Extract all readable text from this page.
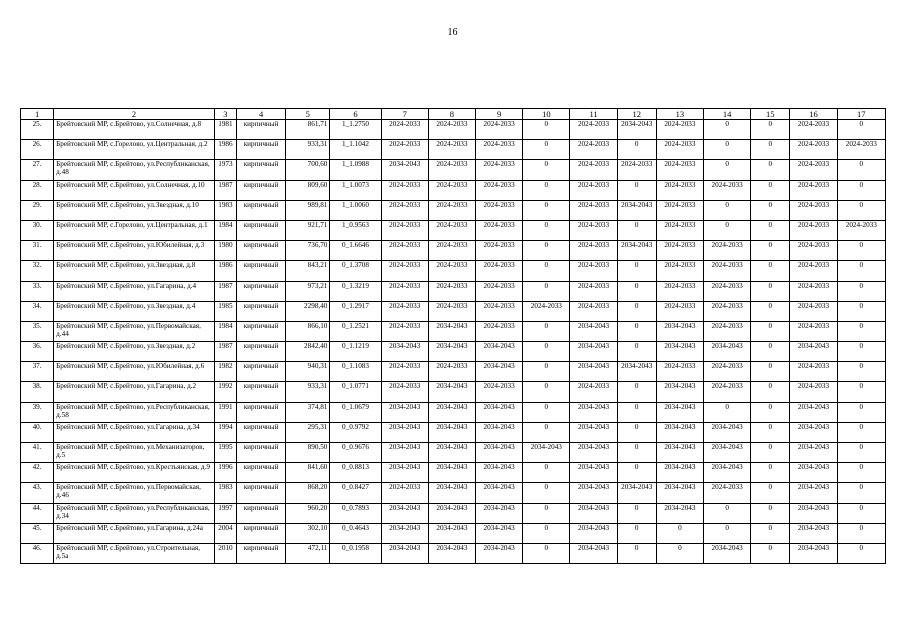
16
1	2	3	4	5	6	7	8	9	10	11	12	13	14	15	16	17
25.	Брейтовский МР, с.Брейтово, ул.Солнечная, д.8	1981	кирпичный	861,71	1_1.2750	2024-2033	2024-2033	2024-2033	0	2024-2033	2034-2043	2024-2033	0	0	2024-2033	0
26.	Брейтовский МР, с.Горелово, ул.Центральная, д.2	1986	кирпичный	933,31	1_1.1042	2024-2033	2024-2033	2024-2033	0	2024-2033	0	2024-2033	0	0	2024-2033	2024-2033
27.	Брейтовский МР, с.Брейтово, ул.Республиканская, д.48	1973	кирпичный	700,60	1_1.0988	2034-2043	2024-2033	2024-2033	0	2024-2033	2024-2033	2024-2033	0	0	2024-2033	0
28.	Брейтовский МР, с.Брейтово, ул.Солнечная, д.10	1987	кирпичный	809,60	1_1.0073	2024-2033	2024-2033	2024-2033	0	2024-2033	0	2024-2033	2024-2033	0	2024-2033	0
29.	Брейтовский МР, с.Брейтово, ул.Звездная, д.10	1983	кирпичный	989,81	1_1.0060	2024-2033	2024-2033	2024-2033	0	2024-2033	2034-2043	2024-2033	0	0	2024-2033	0
30.	Брейтовский МР, с.Горелово, ул.Центральная, д.1	1984	кирпичный	921,71	1_0.9563	2024-2033	2024-2033	2024-2033	0	2024-2033	0	2024-2033	0	0	2024-2033	2024-2033
31.	Брейтовский МР, с.Брейтово, ул.Юбилейная, д.3	1980	кирпичный	736,70	0_1.6646	2024-2033	2024-2033	2024-2033	0	2024-2033	2034-2043	2024-2033	2024-2033	0	2024-2033	0
32.	Брейтовский МР, с.Брейтово, ул.Звездная, д.8	1986	кирпичный	843,21	0_1.3708	2024-2033	2024-2033	2024-2033	0	2024-2033	0	2024-2033	2024-2033	0	2024-2033	0
33.	Брейтовский МР, с.Брейтово, ул.Гагарина, д.4	1987	кирпичный	973,21	0_1.3219	2024-2033	2024-2033	2024-2033	0	2024-2033	0	2024-2033	2024-2033	0	2024-2033	0
34.	Брейтовский МР, с.Брейтово, ул.Звездная, д.4	1985	кирпичный	2298,40	0_1.2917	2024-2033	2024-2033	2024-2033	2024-2033	2024-2033	0	2024-2033	2024-2033	0	2024-2033	0
35.	Брейтовский МР, с.Брейтово, ул.Первомайская, д.44	1984	кирпичный	866,10	0_1.2521	2024-2033	2034-2043	2024-2033	0	2034-2043	0	2034-2043	2024-2033	0	2024-2033	0
36.	Брейтовский МР, с.Брейтово, ул.Звездная, д.2	1987	кирпичный	2842,40	0_1.1219	2034-2043	2034-2043	2034-2043	0	2034-2043	0	2034-2043	2034-2043	0	2034-2043	0
37.	Брейтовский МР, с.Брейтово, ул.Юбилейная, д.6	1982	кирпичный	940,31	0_1.1083	2024-2033	2024-2033	2034-2043	0	2034-2043	2034-2043	2024-2033	2024-2033	0	2024-2033	0
38.	Брейтовский МР, с.Брейтово, ул.Гагарина, д.2	1992	кирпичный	933,31	0_1.0771	2024-2033	2034-2043	2024-2033	0	2024-2033	0	2034-2043	2024-2033	0	2024-2033	0
39.	Брейтовский МР, с.Брейтово, ул.Республиканская, д.58	1991	кирпичный	374,81	0_1.0679	2034-2043	2034-2043	2034-2043	0	2034-2043	0	2034-2043	0	0	2034-2043	0
40.	Брейтовский МР, с.Брейтово, ул.Гагарина, д.34	1994	кирпичный	295,31	0_0.9792	2034-2043	2034-2043	2034-2043	0	2034-2043	0	2034-2043	2034-2043	0	2034-2043	0
41.	Брейтовский МР, с.Брейтово, ул.Механизаторов, д.5	1995	кирпичный	890,50	0_0.9676	2034-2043	2034-2043	2034-2043	2034-2043	2034-2043	0	2034-2043	2034-2043	0	2034-2043	0
42.	Брейтовский МР, с.Брейтово, ул.Крестьянская, д.9	1996	кирпичный	841,60	0_0.8813	2034-2043	2034-2043	2034-2043	0	2034-2043	0	2034-2043	2034-2043	0	2034-2043	0
43.	Брейтовский МР, с.Брейтово, ул.Первомайская, д.46	1983	кирпичный	868,20	0_0.8427	2024-2033	2034-2043	2034-2043	0	2034-2043	2034-2043	2034-2043	2024-2033	0	2034-2043	0
44.	Брейтовский МР, с.Брейтово, ул.Республиканская, д.34	1997	кирпичный	960,20	0_0.7893	2034-2043	2034-2043	2034-2043	0	2034-2043	0	2034-2043	0	0	2034-2043	0
45.	Брейтовский МР, с.Брейтово, ул.Гагарина, д.24а	2004	кирпичный	302,10	0_0.4643	2034-2043	2034-2043	2034-2043	0	2034-2043	0	0	0	0	2034-2043	0
46.	Брейтовский МР, с.Брейтово, ул.Строительная, д.5а	2010	кирпичный	472,11	0_0.1958	2034-2043	2034-2043	2034-2043	0	2034-2043	0	0	2034-2043	0	2034-2043	0
